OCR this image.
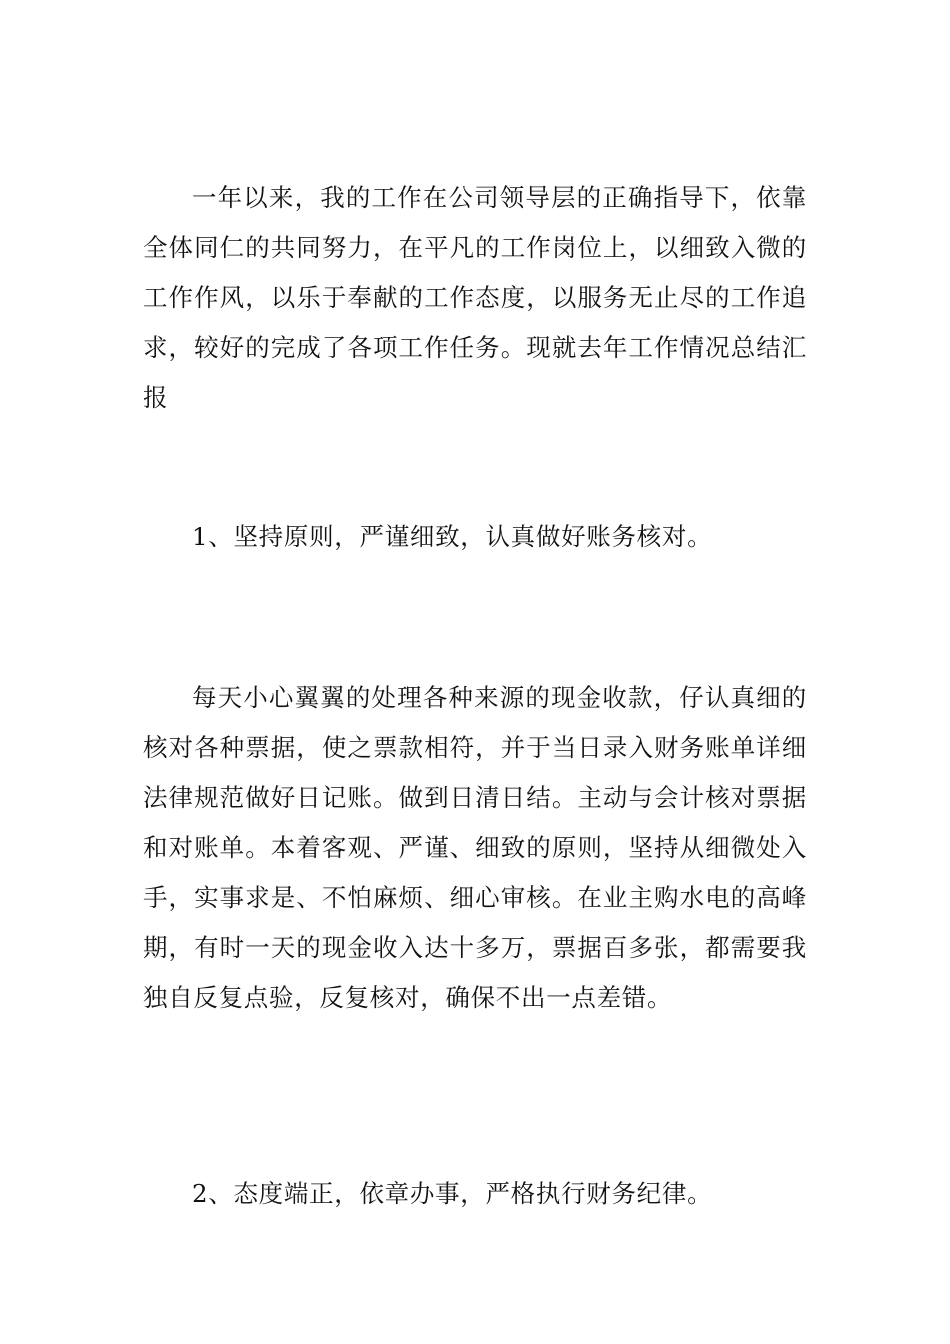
一年以来，我的工作在公司领导层的正确指导下，依靠全体同仁的共同努力，在平凡的工作岗位上，以细致入微的工作作风，以乐于奉献的工作态度，以服务无止尽的工作追求，较好的完成了各项工作任务。现就去年工作情况总结汇报

1、坚持原则，严谨细致，认真做好账务核对。

每天小心翼翼的处理各种来源的现金收款，仔认真细的核对各种票据，使之票款相符，并于当日录入财务账单详细法律规范做好日记账。做到日清日结。主动与会计核对票据和对账单。本着客观、严谨、细致的原则，坚持从细微处入手，实事求是、不怕麻烦、细心审核。在业主购水电的高峰期，有时一天的现金收入达十多万，票据百多张，都需要我独自反复点验，反复核对，确保不出一点差错。

2、态度端正，依章办事，严格执行财务纪律。
